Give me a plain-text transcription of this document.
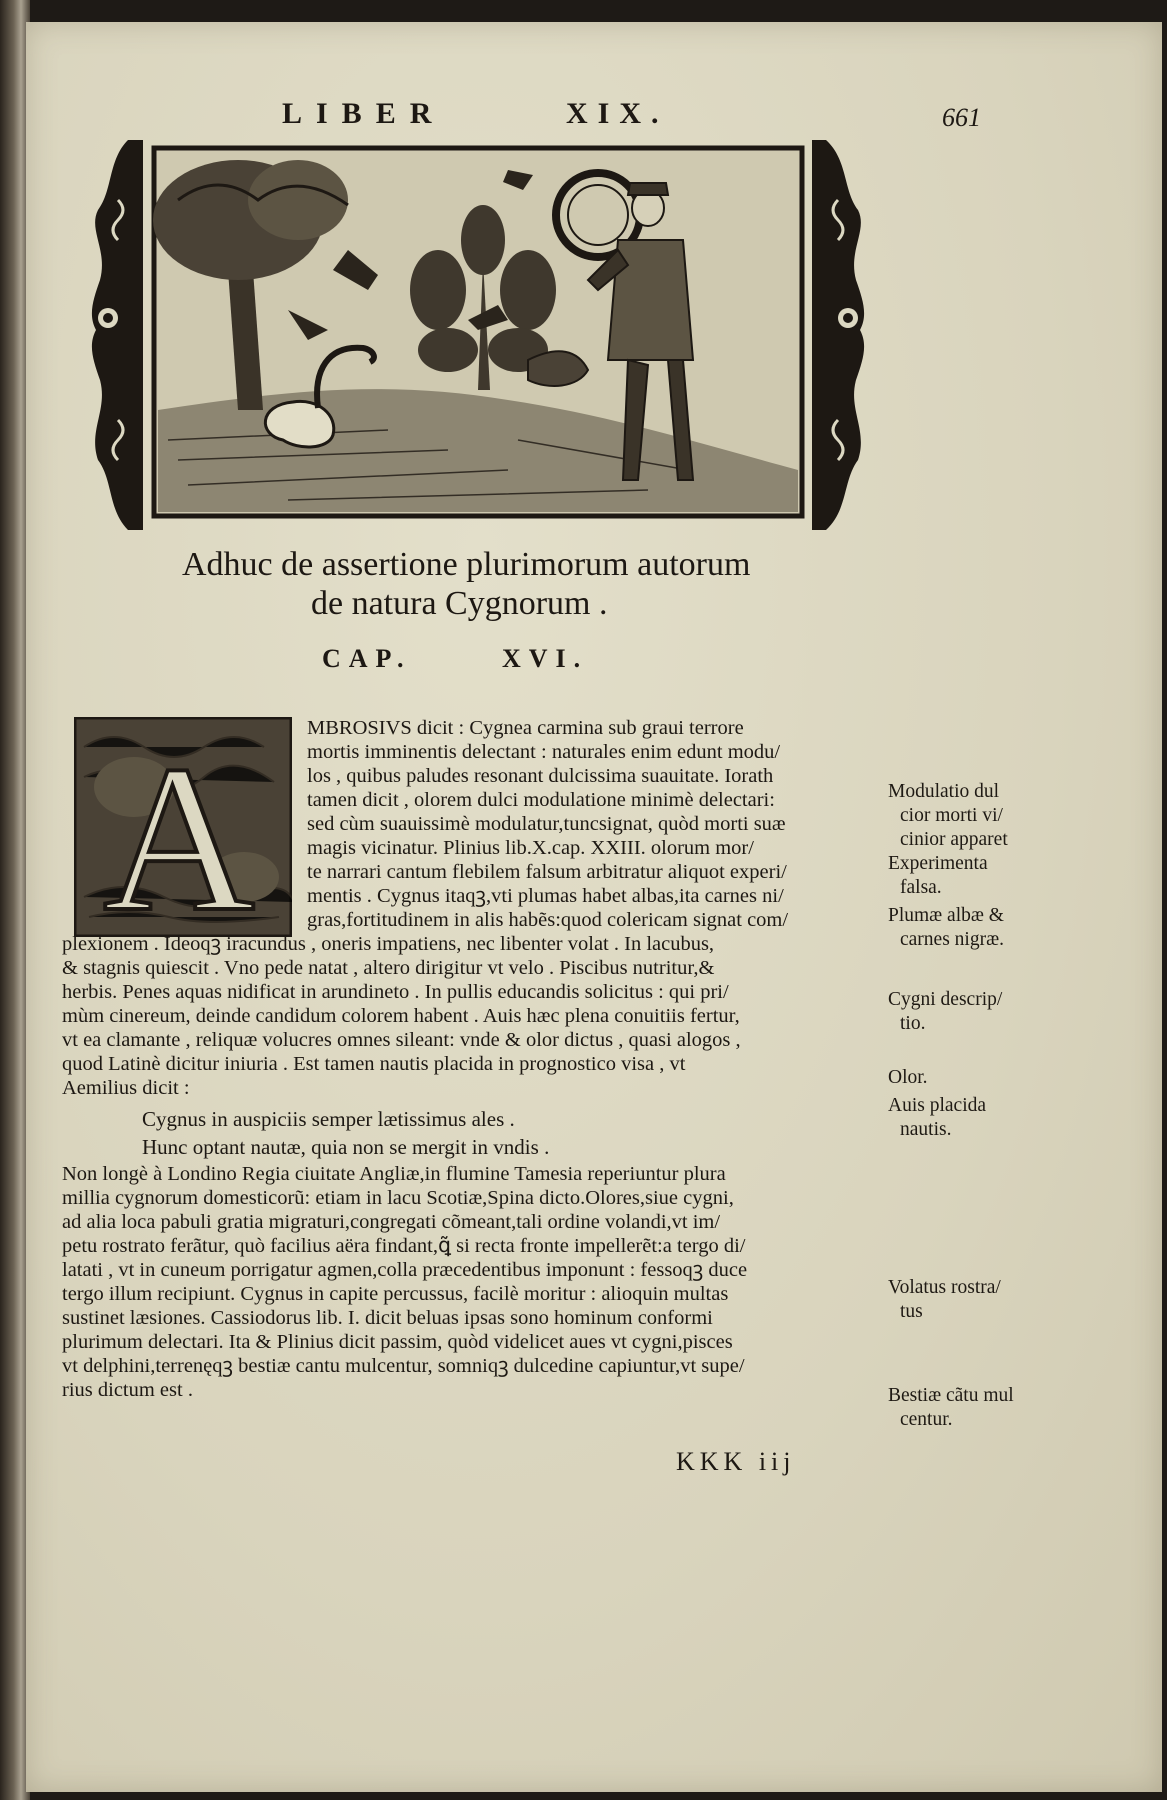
LIBER	XIX.	661
Adhuc de assertione plurimorum autorum
de natura Cygnorum .
CAP.	XVI.
A	MBROSIVS dicit : Cygnea carmina sub graui terrore
mortis imminentis delectant : naturales enim edunt modu/
los , quibus paludes resonant dulcissima suauitate. Iorath
tamen dicit , olorem dulci modulatione minimè delectari:
sed cùm suauissimè modulatur,tuncsignat, quòd morti suæ
magis vicinatur. Plinius lib.X.cap. XXIII. olorum mor/
te narrari cantum flebilem falsum arbitratur aliquot experi/
mentis . Cygnus itaqꝫ,vti plumas habet albas,ita carnes ni/
gras,fortitudinem in alis habẽs:quod colericam signat com/
plexionem . Ideoqꝫ iracundus , oneris impatiens, nec libenter volat . In lacubus,
& stagnis quiescit . Vno pede natat , altero dirigitur vt velo . Piscibus nutritur,&
herbis. Penes aquas nidificat in arundineto . In pullis educandis solicitus : qui pri/
mùm cinereum, deinde candidum colorem habent . Auis hæc plena conuitiis fertur,
vt ea clamante , reliquæ volucres omnes sileant: vnde & olor dictus , quasi alogos ,
quod Latinè dicitur iniuria . Est tamen nautis placida in prognostico visa , vt
Aemilius dicit :
Cygnus in auspiciis semper lætissimus ales .
Hunc optant nautæ, quia non se mergit in vndis .
Non longè à Londino Regia ciuitate Angliæ,in flumine Tamesia reperiuntur plura
millia cygnorum domesticorũ: etiam in lacu Scotiæ,Spina dicto.Olores,siue cygni,
ad alia loca pabuli gratia migraturi,congregati cõmeant,tali ordine volandi,vt im/
petu rostrato ferãtur, quò facilius aëra findant,ꝗ̃ si recta fronte impellerẽt:a tergo di/
latati , vt in cuneum porrigatur agmen,colla præcedentibus imponunt : fessoqꝫ duce
tergo illum recipiunt. Cygnus in capite percussus, facilè moritur : alioquin multas
sustinet læsiones. Cassiodorus lib. I. dicit beluas ipsas sono hominum conformi
plurimum delectari. Ita & Plinius dicit passim, quòd videlicet aues vt cygni,pisces
vt delphini,terrenęqꝫ bestiæ cantu mulcentur, somniqꝫ dulcedine capiuntur,vt supe/
rius dictum est .
Modulatio dul
cior morti vi/
cinior apparet
Experimenta
falsa.
Plumæ albæ &
carnes nigræ.
Cygni descrip/
tio.
Olor.
Auis placida
nautis.
Volatus rostra/
tus
Bestiæ cãtu mul
centur.
KKK iij
